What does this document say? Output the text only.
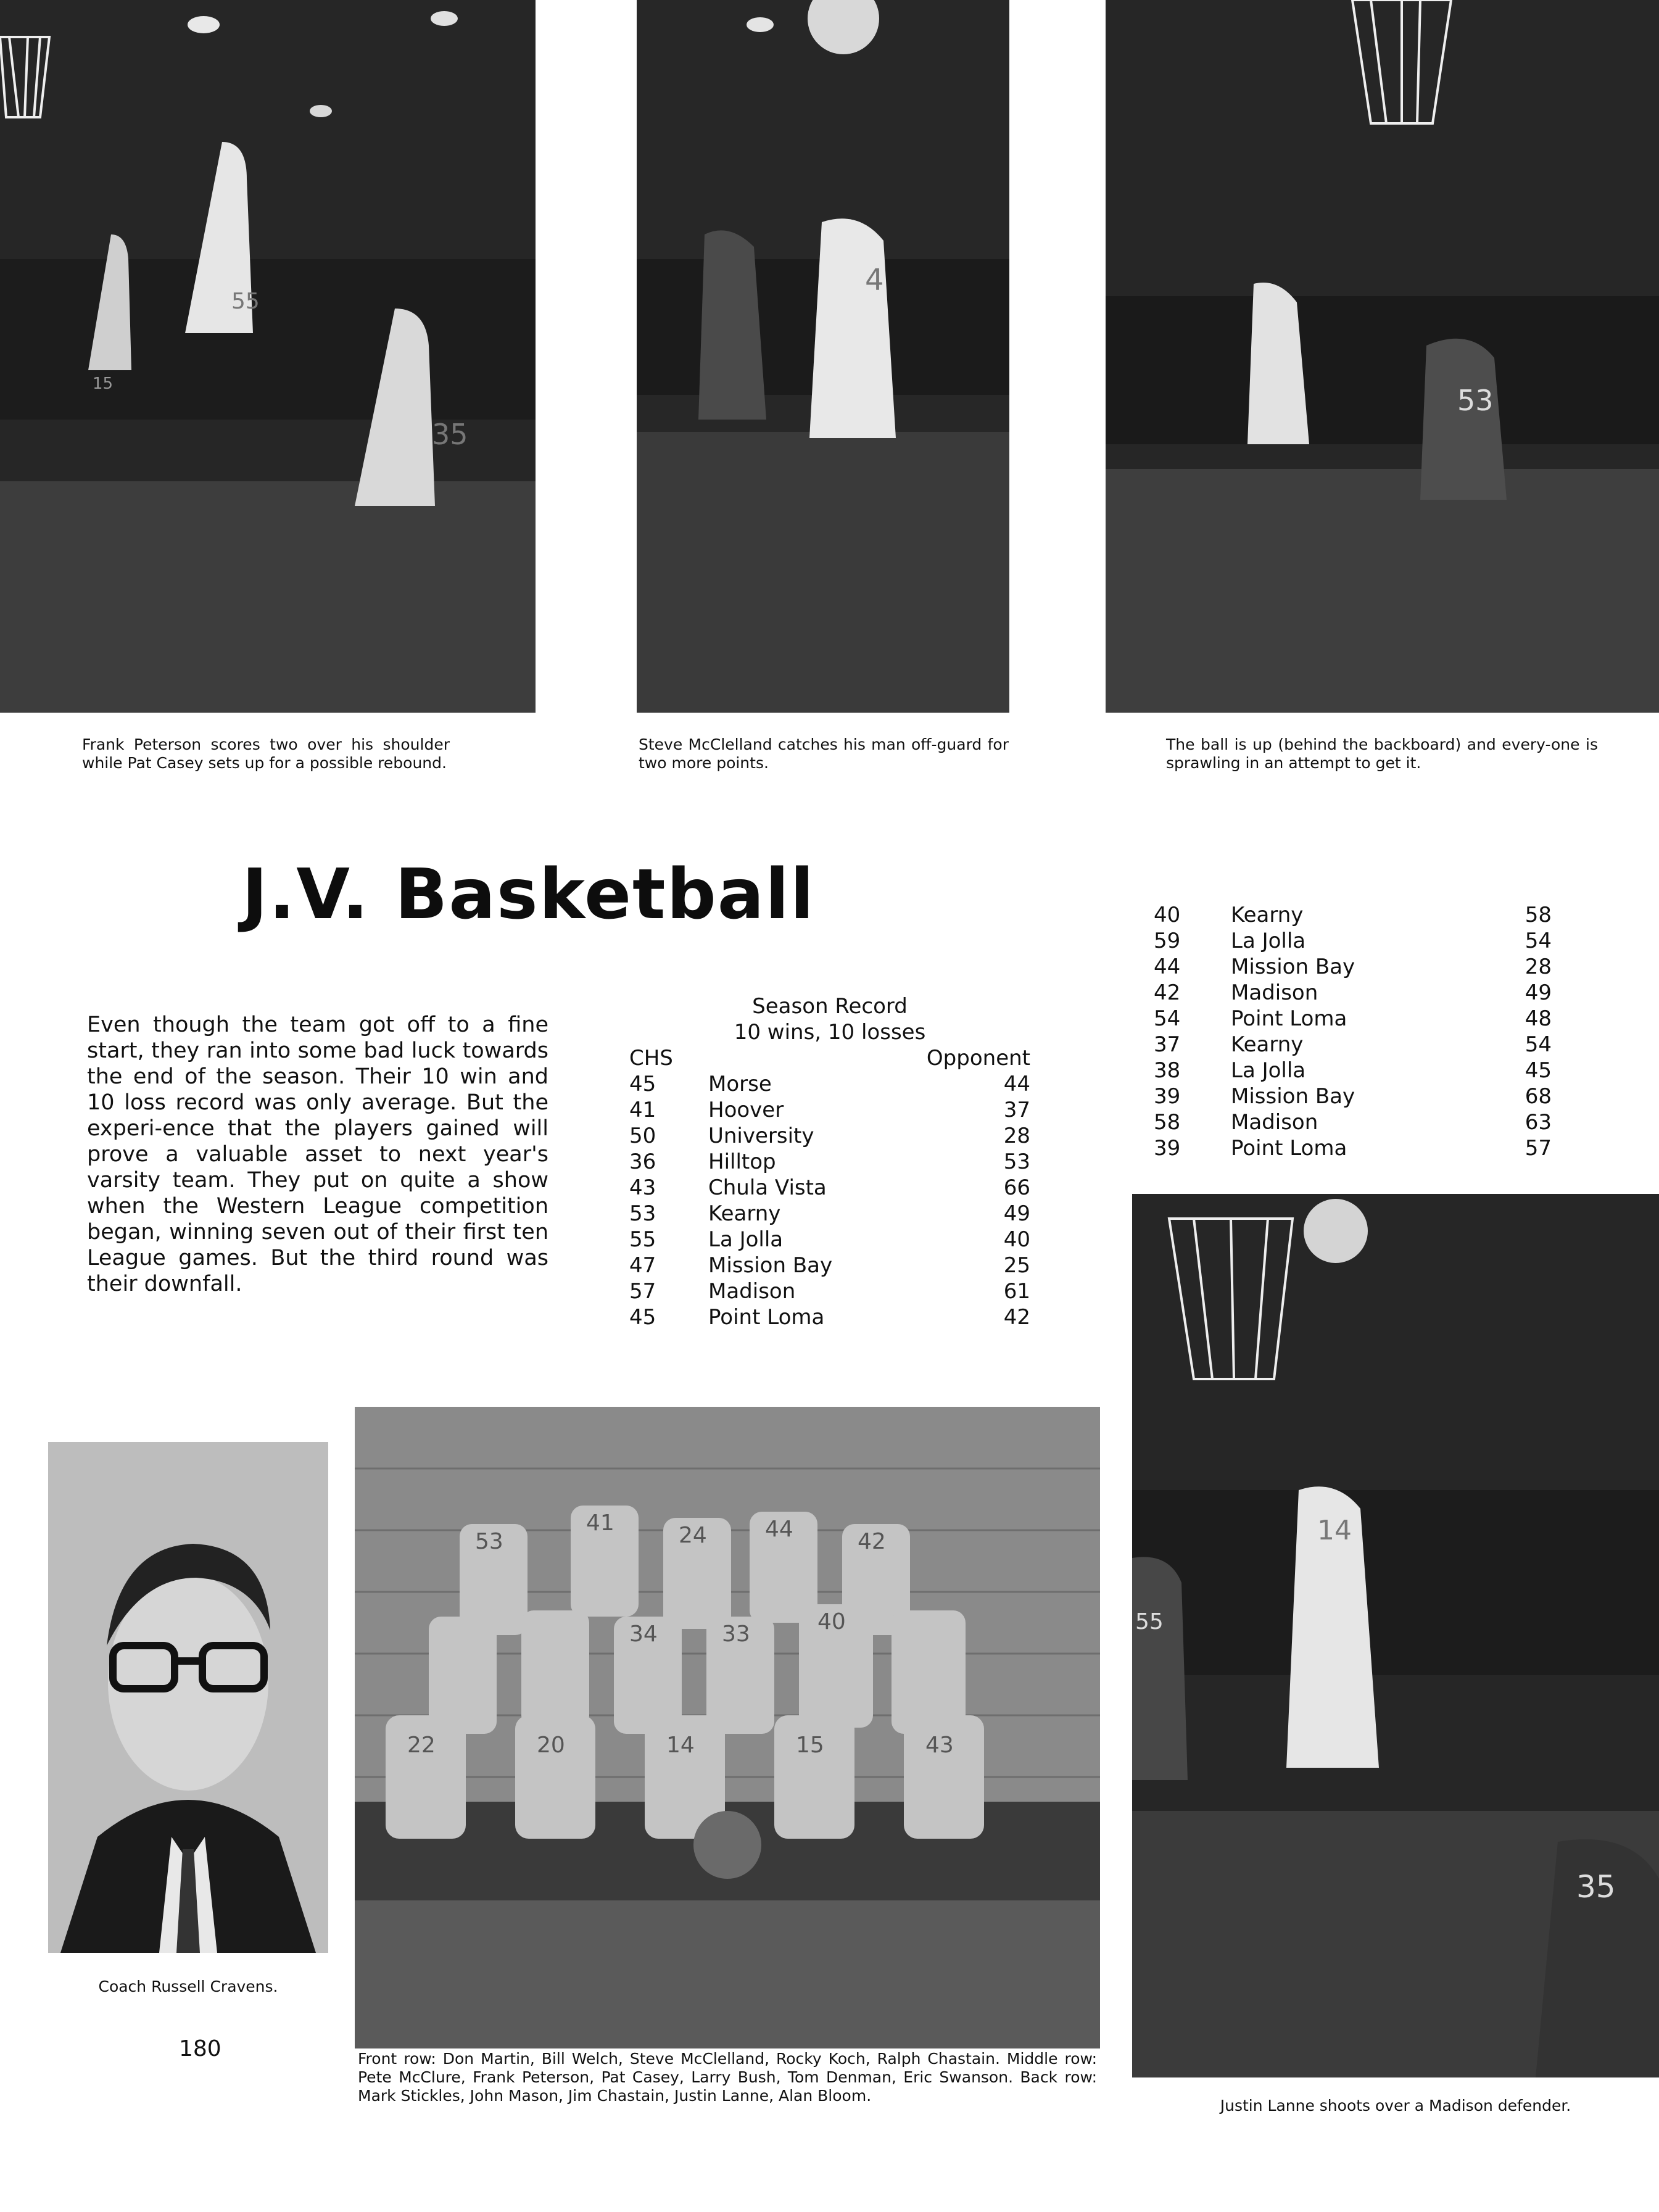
55
35
15
4
53
Frank Peterson scores two over his shoulder while Pat Casey sets up for a possible rebound.
Steve McClelland catches his man off-guard for two more points.
The ball is up (behind the backboard) and every-one is sprawling in an attempt to get it.
J.V. Basketball
Even though the team got off to a fine start, they ran into some bad luck towards the end of the season. Their 10 win and 10 loss record was only average. But the experi-ence that the players gained will prove a valuable asset to next year's varsity team. They put on quite a show when the Western League competition began, winning seven out of their first ten League games. But the third round was their downfall.
Season Record
10 wins, 10 losses
CHS	Opponent
45 Morse	44
41 Hoover	37
50 University	28
36 Hilltop	53
43 Chula Vista	66
53 Kearny	49
55 La Jolla	40
47 Mission Bay	25
57 Madison	61
45 Point Loma	42
40 Kearny	58
59 La Jolla	54
44 Mission Bay	28
42 Madison	49
54 Point Loma	48
37 Kearny	54
38 La Jolla	45
39 Mission Bay	68
58 Madison	63
39 Point Loma	57
Coach Russell Cravens.
180
53
41	24	44	42
34	33	40
22	20	14	15	43
Front row: Don Martin, Bill Welch, Steve McClelland, Rocky Koch, Ralph Chastain. Middle row: Pete McClure, Frank Peterson, Pat Casey, Larry Bush, Tom Denman, Eric Swanson. Back row: Mark Stickles, John Mason, Jim Chastain, Justin Lanne, Alan Bloom.
14
55
35
Justin Lanne shoots over a Madison defender.
